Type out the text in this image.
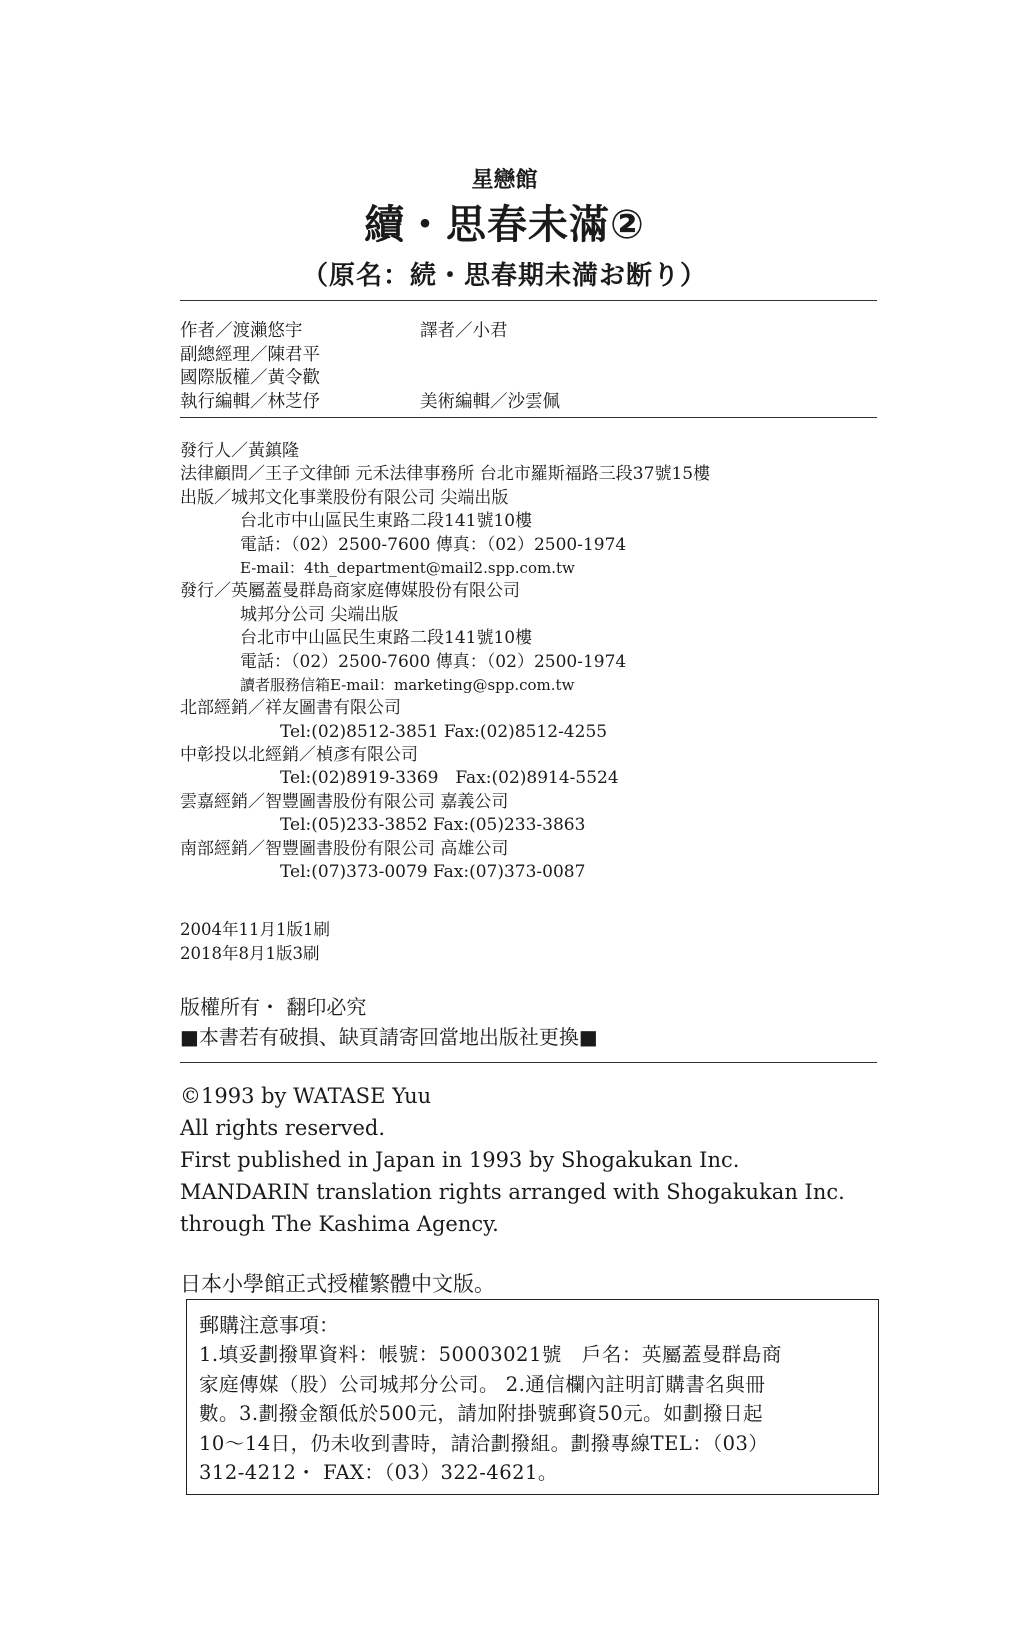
星戀館
續・思春未滿②
（原名：続・思春期未満お断り）
作者／渡瀨悠宇	譯者／小君
副總經理／陳君平
國際版權／黃令歡
執行編輯／林芝伃	美術編輯／沙雲佩
發行人／黃鎮隆
法律顧問／王子文律師 元禾法律事務所 台北市羅斯福路三段37號15樓
出版／城邦文化事業股份有限公司 尖端出版
台北市中山區民生東路二段141號10樓
電話：（02）2500-7600 傳真：（02）2500-1974
E-mail：4th_department@mail2.spp.com.tw
發行／英屬蓋曼群島商家庭傳媒股份有限公司
城邦分公司 尖端出版
台北市中山區民生東路二段141號10樓
電話：（02）2500-7600 傳真：（02）2500-1974
讀者服務信箱E-mail：marketing@spp.com.tw
北部經銷／祥友圖書有限公司
Tel:(02)8512-3851 Fax:(02)8512-4255
中彰投以北經銷／楨彥有限公司
Tel:(02)8919-3369　Fax:(02)8914-5524
雲嘉經銷／智豐圖書股份有限公司 嘉義公司
Tel:(05)233-3852 Fax:(05)233-3863
南部經銷／智豐圖書股份有限公司 高雄公司
Tel:(07)373-0079 Fax:(07)373-0087
2004年11月1版1刷
2018年8月1版3刷
版權所有・ 翻印必究
■本書若有破損、缺頁請寄回當地出版社更換■
©1993 by WATASE Yuu
All rights reserved.
First published in Japan in 1993 by Shogakukan Inc.
MANDARIN translation rights arranged with Shogakukan Inc.
through The Kashima Agency.
日本小學館正式授權繁體中文版。
郵購注意事項：
1.填妥劃撥單資料：帳號：50003021號　戶名：英屬蓋曼群島商
家庭傳媒（股）公司城邦分公司。 2.通信欄內註明訂購書名與冊
數。3.劃撥金額低於500元，請加附掛號郵資50元。如劃撥日起
10～14日，仍未收到書時，請洽劃撥組。劃撥專線TEL：（03）
312-4212・ FAX：（03）322-4621。
